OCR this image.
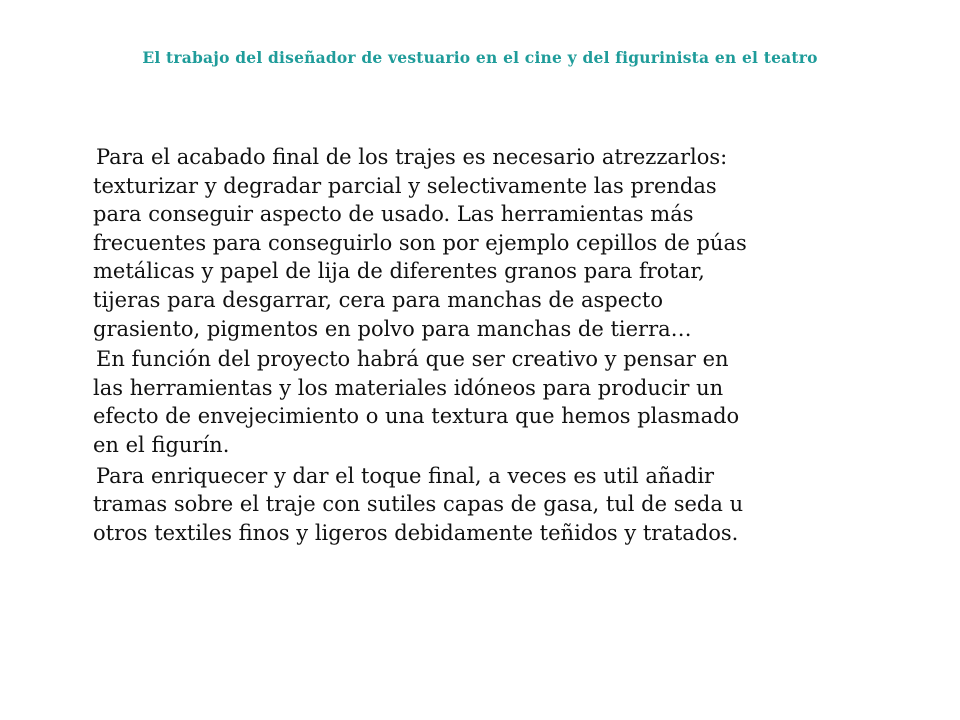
El trabajo del diseñador de vestuario en el cine y del figurinista en el teatro
Para el acabado final de los trajes es necesario atrezzarlos:
texturizar y degradar parcial y selectivamente las prendas
para conseguir aspecto de usado. Las herramientas más
frecuentes para conseguirlo son por ejemplo cepillos de púas
metálicas y papel de lija de diferentes granos para frotar,
tijeras para desgarrar, cera para manchas de aspecto
grasiento, pigmentos en polvo para manchas de tierra…
En función del proyecto habrá que ser creativo y pensar en
las herramientas y los materiales idóneos para producir un
efecto de envejecimiento o una textura que hemos plasmado
en el figurín.
Para enriquecer y dar el toque final, a veces es util añadir
tramas sobre el traje con sutiles capas de gasa, tul de seda u
otros textiles finos y ligeros debidamente teñidos y tratados.
